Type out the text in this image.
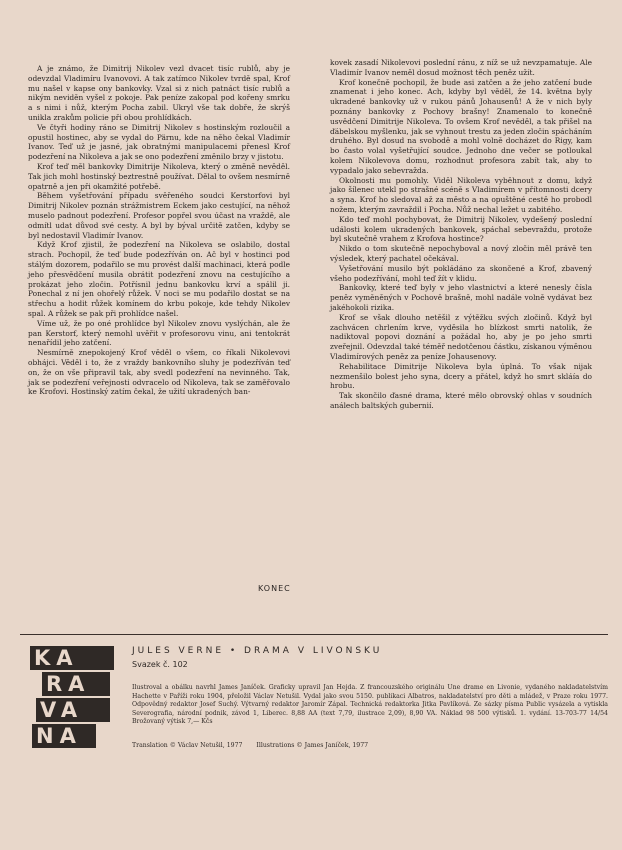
A je známo, že Dimitrij Nikolev vezl dvacet tisíc rublů, aby je odevzdal Vladimíru Ivanovovi. A tak zatímco Nikolev tvrdě spal, Krof mu našel v kapse ony bankovky. Vzal si z nich patnáct tisíc rublů a nikým neviděn vyšel z pokoje. Pak peníze zakopal pod kořeny smrku a s nimi i nůž, kterým Pocha zabil. Ukryl vše tak dobře, že skrýš unikla zrakům policie při obou prohlídkách.

Ve čtyři hodiny ráno se Dimitrij Nikolev s hostinským rozloučil a opustil hostinec, aby se vydal do Pärnu, kde na něho čekal Vladimír Ivanov. Teď už je jasné, jak obratnými manipulacemi přenesl Krof podezření na Nikoleva a jak se ono podezření změnilo brzy v jistotu.

Krof teď měl bankovky Dimitrije Nikoleva, který o změně nevěděl. Tak jich mohl hostinský beztrestně používat. Dělal to ovšem nesmírně opatrně a jen při okamžité potřebě.

Během vyšetřování případu svěřeného soudci Kerstorfovi byl Dimitrij Nikolev poznán strážmistrem Eckem jako cestující, na něhož muselo padnout podezření. Profesor popřel svou účast na vraždě, ale odmítl udat důvod své cesty. A byl by býval určitě zatčen, kdyby se byl nedostavil Vladimír Ivanov.

Když Krof zjistil, že podezření na Nikoleva se oslabilo, dostal strach. Pochopil, že teď bude podezříván on. Ač byl v hostinci pod stálým dozorem, podařilo se mu provést další machinaci, která podle jeho přesvědčení musila obrátit podezření znovu na cestujícího a prokázat jeho zločin. Potřísnil jednu bankovku krví a spálil ji. Ponechal z ní jen ohořelý růžek. V noci se mu podařilo dostat se na střechu a hodit růžek komínem do krbu pokoje, kde tehdy Nikolev spal. A růžek se pak při prohlídce našel.

Víme už, že po oné prohlídce byl Nikolev znovu vyslýchán, ale že pan Kerstorf, který nemohl uvěřit v profesorovu vinu, ani tentokrát nenařídil jeho zatčení.

Nesmírně znepokojený Krof věděl o všem, co říkali Nikolevovi obhájci. Věděl i to, že z vraždy bankovního sluhy je podezříván teď on, že on vše připravil tak, aby svedl podezření na nevinného. Tak, jak se podezření veřejnosti odvracelo od Nikoleva, tak se zaměřovalo ke Krofovi. Hostinský zatím čekal, že užití ukradených ban-

kovek zasadí Nikolevovi poslední ránu, z níž se už nevzpamatuje. Ale Vladimír Ivanov neměl dosud možnost těch peněz užít.

Krof konečně pochopil, že bude asi zatčen a že jeho zatčení bude znamenat i jeho konec. Ach, kdyby byl věděl, že 14. května byly ukradené bankovky už v rukou pánů Johausenů! A že v nich byly poznány bankovky z Pochovy brašny! Znamenalo to konečně usvědčení Dimitrije Nikoleva. To ovšem Krof nevěděl, a tak přišel na ďábelskou myšlenku, jak se vyhnout trestu za jeden zločin spácháním druhého. Byl dosud na svobodě a mohl volně docházet do Rigy, kam bo často volal vyšetřující soudce. Jednoho dne večer se potloukal kolem Nikolevova domu, rozhodnut profesora zabít tak, aby to vypadalo jako sebevražda.

Okolnosti mu pomohly. Viděl Nikoleva vyběhnout z domu, když jako šílenec utekl po strašné scéně s Vladimírem v přítomnosti dcery a syna. Krof ho sledoval až za město a na opuštěné cestě ho probodl nožem, kterým zavraždil i Pocha. Nůž nechal ležet u zabitého.

Kdo teď mohl pochybovat, že Dimitrij Nikolev, vydešený poslední události kolem ukradených bankovek, spáchal sebevraždu, protože byl skutečně vrahem z Krofova hostince?

Nikdo o tom skutečně nepochyboval a nový zločin měl právě ten výsledek, který pachatel očekával.

Vyšetřování musilo být pokládáno za skončené a Krof, zbavený všeho podezřívání, mohl teď žít v klidu.

Bankovky, které teď byly v jeho vlastnictví a které nenesly čísla peněz vyměněných v Pochově brašně, mohl nadále volně vydávat bez jakéhokoli rizika.

Krof se však dlouho netěšil z výtěžku svých zločinů. Když byl zachvácen chrlením krve, vyděsila ho blízkost smrti natolik, že nadiktoval popovi doznání a požádal ho, aby je po jeho smrti zveřejnil. Odevzdal také téměř nedotčenou částku, získanou výměnou Vladimírových peněz za peníze Johausenovy.

Rehabilitace Dimitrije Nikoleva byla úplná. To však nijak nezmenšilo bolest jeho syna, dcery a přátel, když ho smrt skláía do hrobu.

Tak skončilo ďasné drama, které mělo obrovský ohlas v soudních análech baltských gubernií.

KONEC
KA
RA
VA
NA
JULES VERNE • DRAMA V LIVONSKU
Svazek č. 102
Ilustroval a obálku navrhl James Janíček. Graficky upravil Jan Hejda. Z francouzského originálu Une drame en Livonie, vydaného nakladatelstvím Hachette v Paříži roku 1904, přeložil Václav Netušil. Vydal jako svou 5150. publikaci Albatros, nakladatelství pro děti a mládež, v Praze roku 1977. Odpovědný redaktor Josef Suchý. Výtvarný redaktor Jaromír Zápal. Technická redaktorka Jitka Pavlíková. Ze sázky písma Public vysázela a vytiskla Severografia, národní podnik, závod 1, Liberec. 8,88 AA (text 7,79, ilustrace 2,09), 8,90 VA. Náklad 98 500 výtisků. 1. vydání. 13-703-77 14/54 Brožovaný výtisk 7,— Kčs
Translation © Václav Netušil, 1977 Illustrations © James Janíček, 1977
